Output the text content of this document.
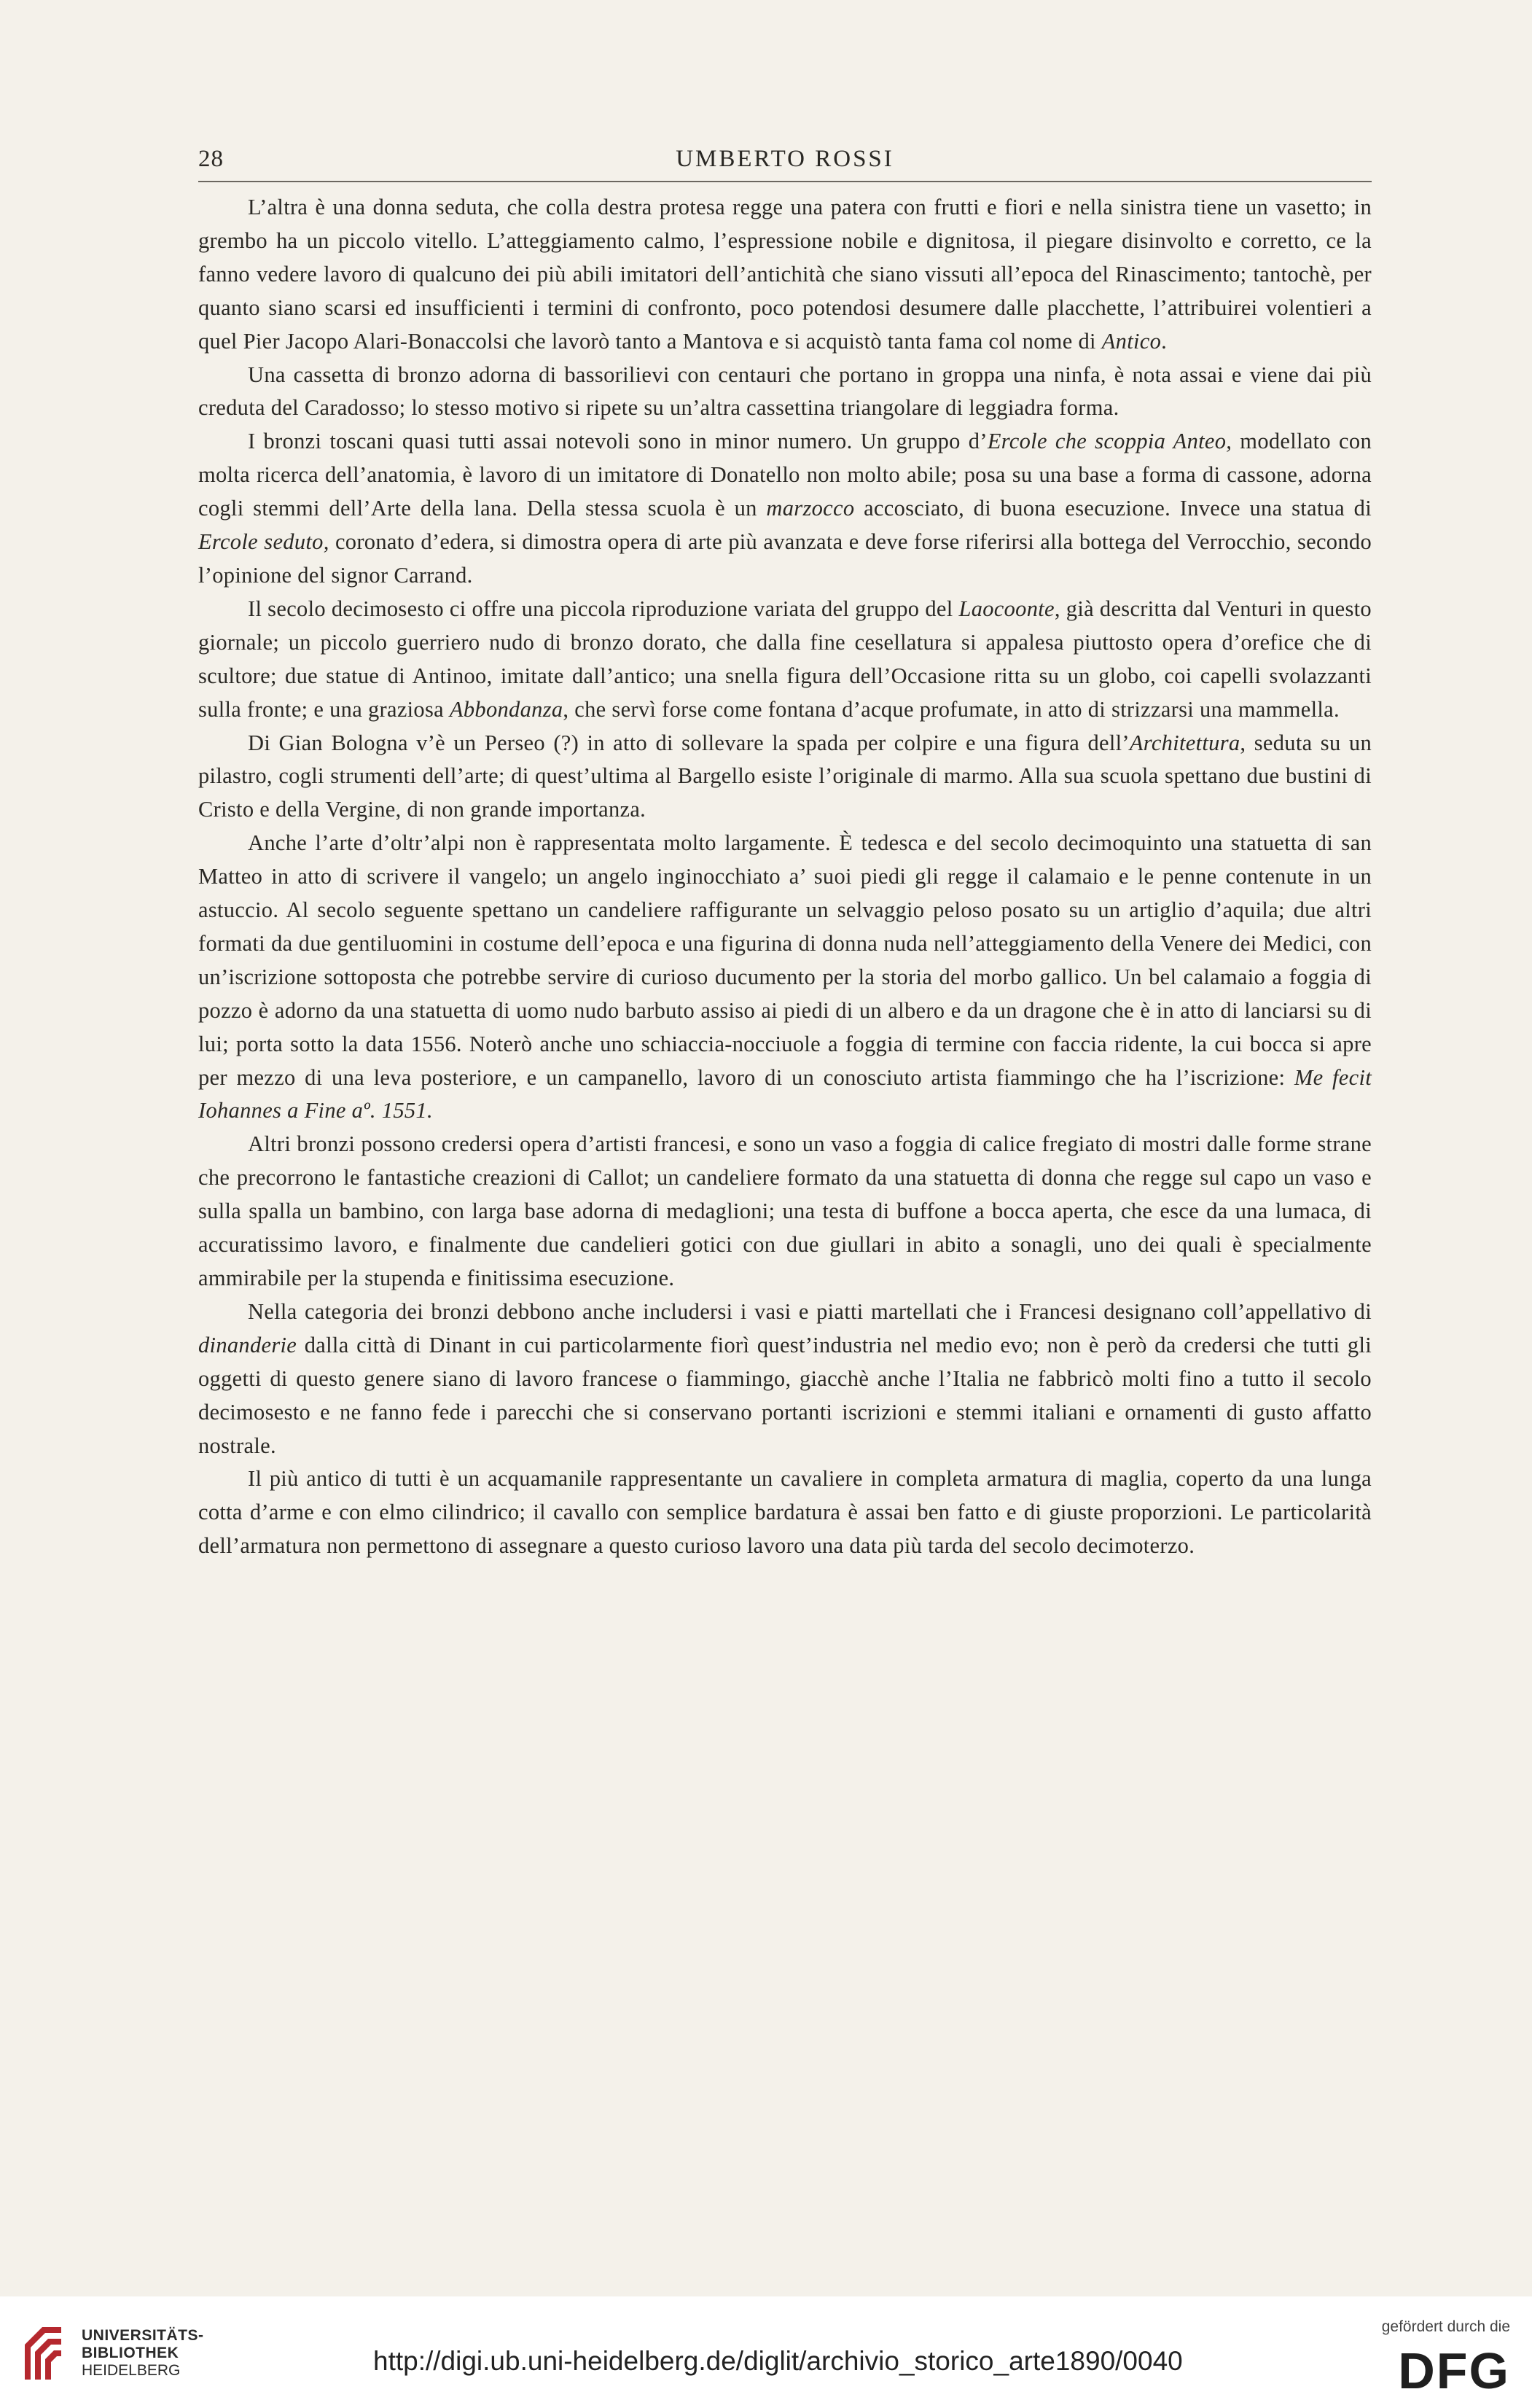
28	UMBERTO ROSSI

L’altra è una donna seduta, che colla destra protesa regge una patera con frutti e fiori e nella sinistra tiene un vasetto; in grembo ha un piccolo vitello. L’atteggiamento calmo, l’espressione nobile e dignitosa, il piegare disinvolto e corretto, ce la fanno vedere lavoro di qualcuno dei più abili imitatori dell’antichità che siano vissuti all’epoca del Rinascimento; tantochè, per quanto siano scarsi ed insufficienti i termini di confronto, poco potendosi desumere dalle placchette, l’attribuirei volentieri a quel Pier Jacopo Alari-Bonaccolsi che lavorò tanto a Mantova e si acquistò tanta fama col nome di Antico.

Una cassetta di bronzo adorna di bassorilievi con centauri che portano in groppa una ninfa, è nota assai e viene dai più creduta del Caradosso; lo stesso motivo si ripete su un’altra cassettina triangolare di leggiadra forma.

I bronzi toscani quasi tutti assai notevoli sono in minor numero. Un gruppo d’Ercole che scoppia Anteo, modellato con molta ricerca dell’anatomia, è lavoro di un imitatore di Donatello non molto abile; posa su una base a forma di cassone, adorna cogli stemmi dell’Arte della lana. Della stessa scuola è un marzocco accosciato, di buona esecuzione. Invece una statua di Ercole seduto, coronato d’edera, si dimostra opera di arte più avanzata e deve forse riferirsi alla bottega del Verrocchio, secondo l’opinione del signor Carrand.

Il secolo decimosesto ci offre una piccola riproduzione variata del gruppo del Laocoonte, già descritta dal Venturi in questo giornale; un piccolo guerriero nudo di bronzo dorato, che dalla fine cesellatura si appalesa piuttosto opera d’orefice che di scultore; due statue di Antinoo, imitate dall’antico; una snella figura dell’Occasione ritta su un globo, coi capelli svolazzanti sulla fronte; e una graziosa Abbondanza, che servì forse come fontana d’acque profumate, in atto di strizzarsi una mammella.

Di Gian Bologna v’è un Perseo (?) in atto di sollevare la spada per colpire e una figura dell’Architettura, seduta su un pilastro, cogli strumenti dell’arte; di quest’ultima al Bargello esiste l’originale di marmo. Alla sua scuola spettano due bustini di Cristo e della Vergine, di non grande importanza.

Anche l’arte d’oltr’alpi non è rappresentata molto largamente. È tedesca e del secolo decimoquinto una statuetta di san Matteo in atto di scrivere il vangelo; un angelo inginocchiato a’ suoi piedi gli regge il calamaio e le penne contenute in un astuccio. Al secolo seguente spettano un candeliere raffigurante un selvaggio peloso posato su un artiglio d’aquila; due altri formati da due gentiluomini in costume dell’epoca e una figurina di donna nuda nell’atteggiamento della Venere dei Medici, con un’iscrizione sottoposta che potrebbe servire di curioso ducumento per la storia del morbo gallico. Un bel calamaio a foggia di pozzo è adorno da una statuetta di uomo nudo barbuto assiso ai piedi di un albero e da un dragone che è in atto di lanciarsi su di lui; porta sotto la data 1556. Noterò anche uno schiaccia-nocciuole a foggia di termine con faccia ridente, la cui bocca si apre per mezzo di una leva posteriore, e un campanello, lavoro di un conosciuto artista fiammingo che ha l’iscrizione: Me fecit Iohannes a Fine aº. 1551.

Altri bronzi possono credersi opera d’artisti francesi, e sono un vaso a foggia di calice fregiato di mostri dalle forme strane che precorrono le fantastiche creazioni di Callot; un candeliere formato da una statuetta di donna che regge sul capo un vaso e sulla spalla un bambino, con larga base adorna di medaglioni; una testa di buffone a bocca aperta, che esce da una lumaca, di accuratissimo lavoro, e finalmente due candelieri gotici con due giullari in abito a sonagli, uno dei quali è specialmente ammirabile per la stupenda e finitissima esecuzione.

Nella categoria dei bronzi debbono anche includersi i vasi e piatti martellati che i Francesi designano coll’appellativo di dinanderie dalla città di Dinant in cui particolarmente fiorì quest’industria nel medio evo; non è però da credersi che tutti gli oggetti di questo genere siano di lavoro francese o fiammingo, giacchè anche l’Italia ne fabbricò molti fino a tutto il secolo decimosesto e ne fanno fede i parecchi che si conservano portanti iscrizioni e stemmi italiani e ornamenti di gusto affatto nostrale.

Il più antico di tutti è un acquamanile rappresentante un cavaliere in completa armatura di maglia, coperto da una lunga cotta d’arme e con elmo cilindrico; il cavallo con semplice bardatura è assai ben fatto e di giuste proporzioni. Le particolarità dell’armatura non permettono di assegnare a questo curioso lavoro una data più tarda del secolo decimoterzo.

UNIVERSITÄTS-
BIBLIOTHEK
HEIDELBERG	http://digi.ub.uni-heidelberg.de/diglit/archivio_storico_arte1890/0040
gefördert durch die
DFG
